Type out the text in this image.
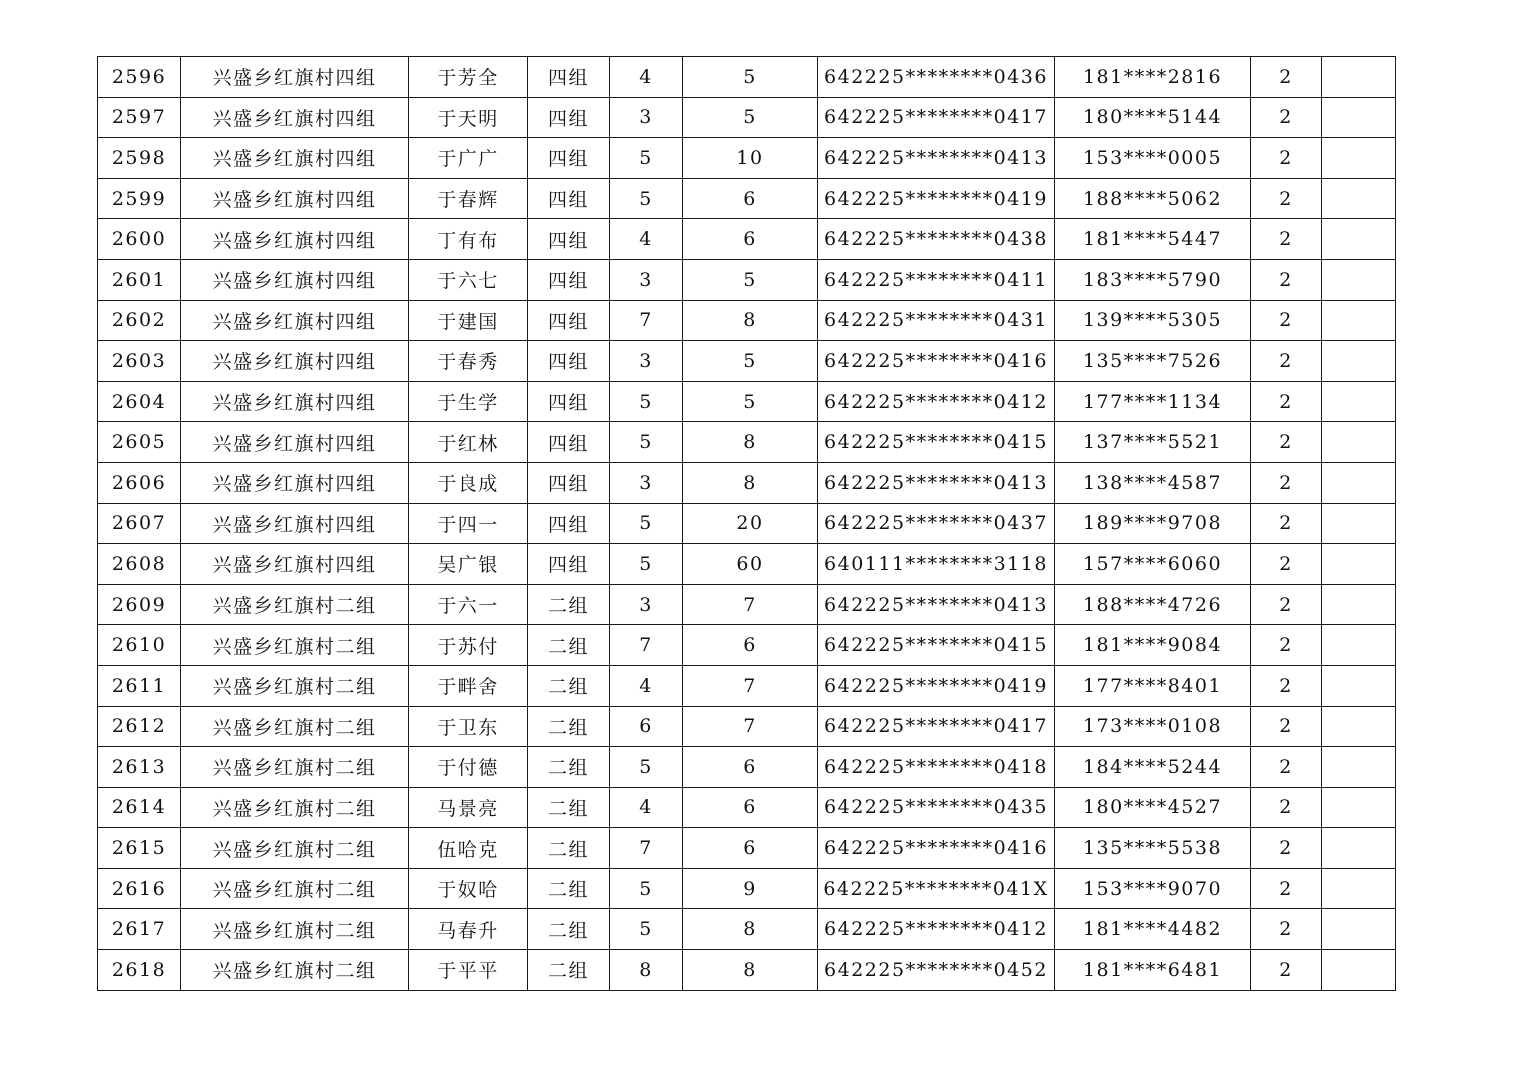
2596	兴盛乡红旗村四组	于芳全	四组	4	5	642225********0436	181****2816	2	
2597	兴盛乡红旗村四组	于天明	四组	3	5	642225********0417	180****5144	2	
2598	兴盛乡红旗村四组	于广广	四组	5	10	642225********0413	153****0005	2	
2599	兴盛乡红旗村四组	于春辉	四组	5	6	642225********0419	188****5062	2	
2600	兴盛乡红旗村四组	丁有布	四组	4	6	642225********0438	181****5447	2	
2601	兴盛乡红旗村四组	于六七	四组	3	5	642225********0411	183****5790	2	
2602	兴盛乡红旗村四组	于建国	四组	7	8	642225********0431	139****5305	2	
2603	兴盛乡红旗村四组	于春秀	四组	3	5	642225********0416	135****7526	2	
2604	兴盛乡红旗村四组	于生学	四组	5	5	642225********0412	177****1134	2	
2605	兴盛乡红旗村四组	于红林	四组	5	8	642225********0415	137****5521	2	
2606	兴盛乡红旗村四组	于良成	四组	3	8	642225********0413	138****4587	2	
2607	兴盛乡红旗村四组	于四一	四组	5	20	642225********0437	189****9708	2	
2608	兴盛乡红旗村四组	吴广银	四组	5	60	640111********3118	157****6060	2	
2609	兴盛乡红旗村二组	于六一	二组	3	7	642225********0413	188****4726	2	
2610	兴盛乡红旗村二组	于苏付	二组	7	6	642225********0415	181****9084	2	
2611	兴盛乡红旗村二组	于畔舍	二组	4	7	642225********0419	177****8401	2	
2612	兴盛乡红旗村二组	于卫东	二组	6	7	642225********0417	173****0108	2	
2613	兴盛乡红旗村二组	于付德	二组	5	6	642225********0418	184****5244	2	
2614	兴盛乡红旗村二组	马景亮	二组	4	6	642225********0435	180****4527	2	
2615	兴盛乡红旗村二组	伍哈克	二组	7	6	642225********0416	135****5538	2	
2616	兴盛乡红旗村二组	于奴哈	二组	5	9	642225********041X	153****9070	2	
2617	兴盛乡红旗村二组	马春升	二组	5	8	642225********0412	181****4482	2	
2618	兴盛乡红旗村二组	于平平	二组	8	8	642225********0452	181****6481	2	
